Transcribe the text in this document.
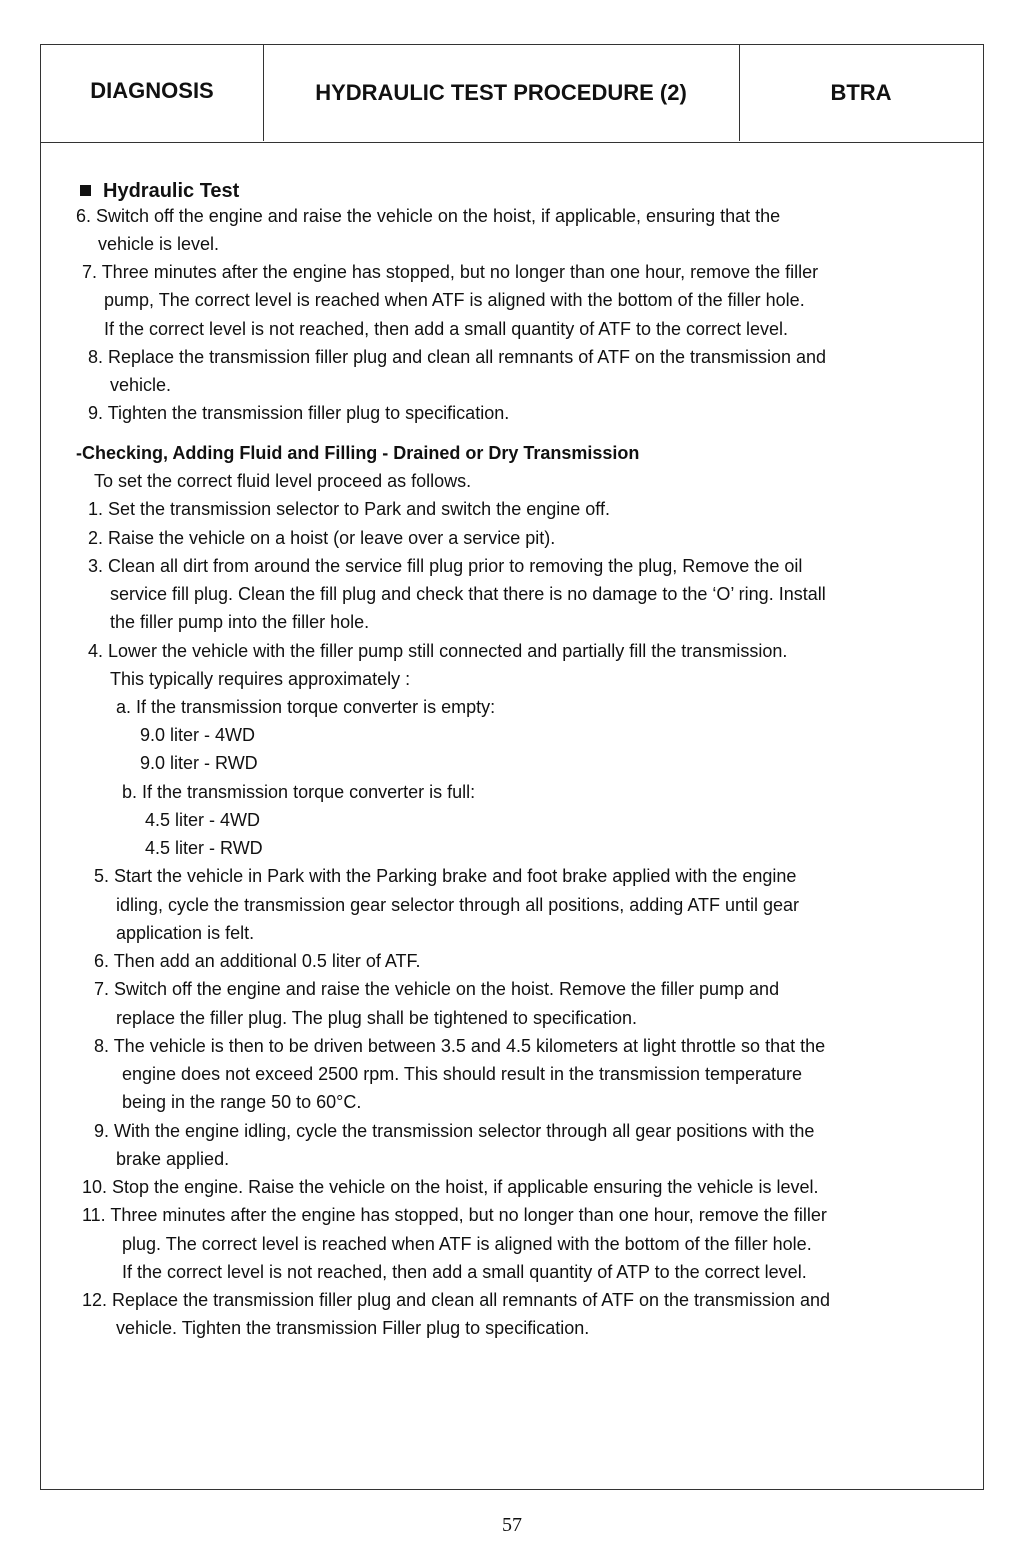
DIAGNOSIS	HYDRAULIC TEST PROCEDURE (2)	BTRA
Hydraulic Test
6. Switch off the engine and raise the vehicle on the hoist, if applicable, ensuring that the
vehicle is level.
7. Three minutes after the engine has stopped, but no longer than one hour, remove the filler
pump, The correct level is reached when ATF is aligned with the bottom of the filler hole.
If the correct level is not reached, then add a small quantity of ATF to the correct level.
8. Replace the transmission filler plug and clean all remnants of ATF on the transmission and
vehicle.
9. Tighten the transmission filler plug to specification.
-Checking, Adding Fluid and Filling - Drained or Dry Transmission
To set the correct fluid level proceed as follows.
1. Set the transmission selector to Park and switch the engine off.
2. Raise the vehicle on a hoist (or leave over a service pit).
3. Clean all dirt from around the service fill plug prior to removing the plug, Remove the oil
service fill plug. Clean the fill plug and check that there is no damage to the ‘O’ ring. Install
the filler pump into the filler hole.
4. Lower the vehicle with the filler pump still connected and partially fill the transmission.
This typically requires approximately :
a. If the transmission torque converter is empty:
9.0 liter - 4WD
9.0 liter - RWD
b. If the transmission torque converter is full:
4.5 liter - 4WD
4.5 liter - RWD
5. Start the vehicle in Park with the Parking brake and foot brake applied with the engine
idling, cycle the transmission gear selector through all positions, adding ATF until gear
application is felt.
6. Then add an additional 0.5 liter of ATF.
7. Switch off the engine and raise the vehicle on the hoist. Remove the filler pump and
replace the filler plug. The plug shall be tightened to specification.
8. The vehicle is then to be driven between 3.5 and 4.5 kilometers at light throttle so that the
engine does not exceed 2500 rpm. This should result in the transmission temperature
being in the range 50 to 60°C.
9. With the engine idling, cycle the transmission selector through all gear positions with the
brake applied.
10. Stop the engine. Raise the vehicle on the hoist, if applicable ensuring the vehicle is level.
11. Three minutes after the engine has stopped, but no longer than one hour, remove the filler
plug. The correct level is reached when ATF is aligned with the bottom of the filler hole.
If the correct level is not reached, then add a small quantity of ATP to the correct level.
12. Replace the transmission filler plug and clean all remnants of ATF on the transmission and
vehicle. Tighten the transmission Filler plug to specification.
57
